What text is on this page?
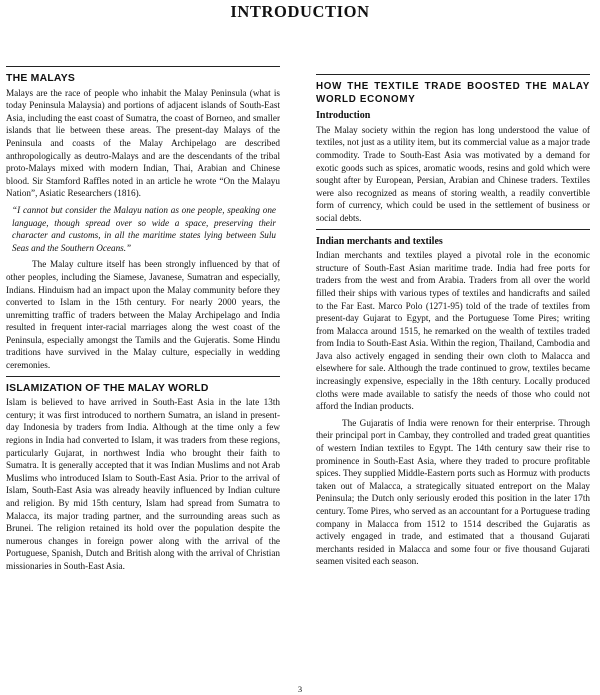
INTRODUCTION
THE MALAYS

Malays are the race of people who inhabit the Malay Peninsula (what is today Peninsula Malaysia) and portions of adjacent islands of South-East Asia, including the east coast of Sumatra, the coast of Borneo, and smaller islands that lie between these areas. The present-day Malays of the Peninsula and coasts of the Malay Archipelago are described anthropologically as deutro-Malays and are the descendants of the tribal proto-Malays mixed with modern Indian, Thai, Arabian and Chinese blood. Sir Stamford Raffles noted in an article he wrote “On the Malayu Nation”, Asiatic Researchers (1816).

“I cannot but consider the Malayu nation as one people, speaking one language, though spread over so wide a space, preserving their character and customs, in all the maritime states lying between Sulu Seas and the Southern Oceans.”

The Malay culture itself has been strongly influenced by that of other peoples, including the Siamese, Javanese, Sumatran and especially, Indians. Hinduism had an impact upon the Malay community before they converted to Islam in the 15th century. For nearly 2000 years, the unremitting traffic of traders between the Malay Archipelago and India resulted in frequent inter-racial marriages along the west coast of the Peninsula, especially amongst the Tamils and the Gujeratis. Some Hindu traditions have survived in the Malay culture, especially in wedding ceremonies.

ISLAMIZATION OF THE MALAY WORLD

Islam is believed to have arrived in South-East Asia in the late 13th century; it was first introduced to northern Sumatra, an island in present-day Indonesia by traders from India. Although at the time only a few regions in India had converted to Islam, it was traders from these regions, particularly Gujarat, in northwest India who brought their faith to Sumatra. It is generally accepted that it was Indian Muslims and not Arab Muslims who introduced Islam to South-East Asia. Prior to the arrival of Islam, South-East Asia was already heavily influenced by Indian culture and religion. By mid 15th century, Islam had spread from Sumatra to Malacca, its major trading partner, and the surrounding areas such as Brunei. The religion retained its hold over the population despite the numerous changes in foreign power along with the arrival of the Portuguese, Spanish, Dutch and British along with the arrival of Christian missionaries in South-East Asia.

HOW THE TEXTILE TRADE BOOSTED THE MALAY WORLD ECONOMY
Introduction

The Malay society within the region has long understood the value of textiles, not just as a utility item, but its commercial value as a major trade commodity. Trade to South-East Asia was motivated by a demand for exotic goods such as spices, aromatic woods, resins and gold which were sought after by European, Persian, Arabian and Chinese traders. Textiles were also recognized as means of storing wealth, a readily convertible form of currency, which could be used in the settlement of business or social debts.

Indian merchants and textiles

Indian merchants and textiles played a pivotal role in the economic structure of South-East Asian maritime trade. India had free ports for traders from the west and from Arabia. Traders from all over the world filled their ships with various types of textiles and handicrafts and sailed to the Far East. Marco Polo (1271-95) told of the trade of textiles from present-day Gujarat to Egypt, and the Portuguese Tome Pires; writing from Malacca around 1515, he remarked on the wealth of textiles traded from India to South-East Asia. Within the region, Thailand, Cambodia and Java also actively engaged in sending their own cloth to Malacca and elsewhere for sale. Although the trade continued to grow, textiles became increasingly expensive, especially in the 18th century. Locally produced cloths were made available to satisfy the needs of those who could not afford the Indian products.

The Gujaratis of India were renown for their enterprise. Through their principal port in Cambay, they controlled and traded great quantities of western Indian textiles to Egypt. The 14th century saw their rise to prominence in South-East Asia, where they traded to procure profitable spices. They supplied Middle-Eastern ports such as Hormuz with products taken out of Malacca, a strategically situated entreport on the Malay Peninsula; the Dutch only seriously eroded this position in the later 17th century. Tome Pires, who served as an accountant for a Portuguese trading company in Malacca from 1512 to 1514 described the Gujaratis as actively engaged in trade, and estimated that a thousand Gujarati merchants resided in Malacca and some four or five thousand Gujarati seamen visited each season.

3
